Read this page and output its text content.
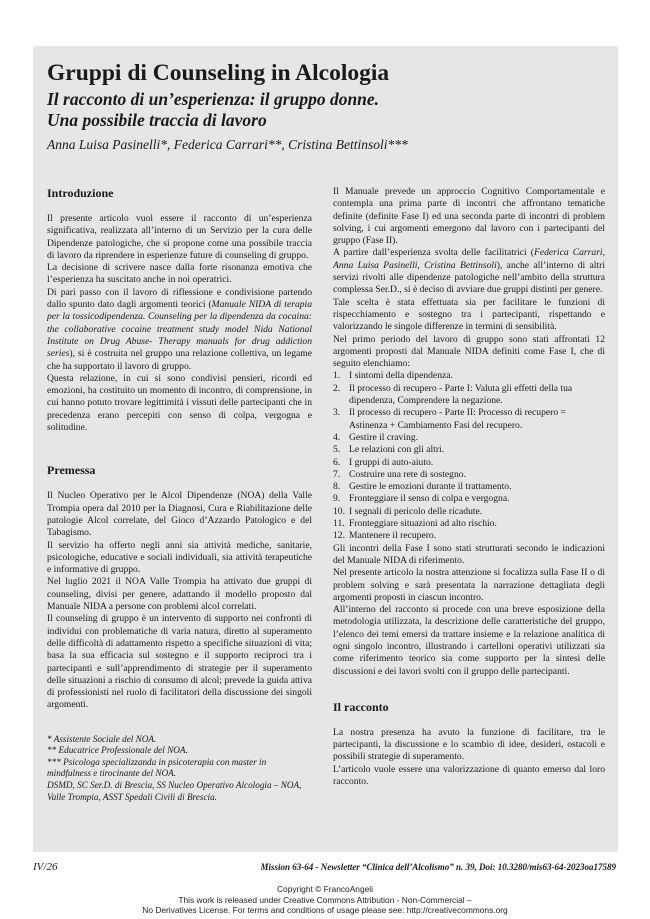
Gruppi di Counseling in Alcologia
Il racconto di un’esperienza: il gruppo donne.
Una possibile traccia di lavoro
Anna Luisa Pasinelli*, Federica Carrari**, Cristina Bettinsoli***
Introduzione

Il presente articolo vuol essere il racconto di un’esperienza significativa, realizzata all’interno di un Servizio per la cura delle Dipendenze patologiche, che si propone come una possibile traccia di lavoro da riprendere in esperienze future di counseling di gruppo.

La decisione di scrivere nasce dalla forte risonanza emotiva che l’esperienza ha suscitato anche in noi operatrici.

Di pari passo con il lavoro di riflessione e condivisione partendo dallo spunto dato dagli argomenti teorici (Manuale NIDA di terapia per la tossicodipendenza. Counseling per la dipendenza da cocaina: the collaborative cocaine treatment study model Nida National Institute on Drug Abuse- Therapy manuals for drug addiction series), si è costruita nel gruppo una relazione collettiva, un legame che ha supportato il lavoro di gruppo.

Questa relazione, in cui si sono condivisi pensieri, ricordi ed emozioni, ha costituito un momento di incontro, di comprensione, in cui hanno potuto trovare legittimità i vissuti delle partecipanti che in precedenza erano percepiti con senso di colpa, vergogna e solitudine.

Premessa

Il Nucleo Operativo per le Alcol Dipendenze (NOA) della Valle Trompia opera dal 2010 per la Diagnosi, Cura e Riabilitazione delle patologie Alcol correlate, del Gioco d’Azzardo Patologico e del Tabagismo.

Il servizio ha offerto negli anni sia attività mediche, sanitarie, psicologiche, educative e sociali individuali, sia attività terapeutiche e informative di gruppo.

Nel luglio 2021 il NOA Valle Trompia ha attivato due gruppi di counseling, divisi per genere, adattando il modello proposto dal Manuale NIDA a persone con problemi alcol correlati.

Il counseling di gruppo è un intervento di supporto nei confronti di individui con problematiche di varia natura, diretto al superamento delle difficoltà di adattamento rispetto a specifiche situazioni di vita; basa la sua efficacia sul sostegno e il supporto reciproci tra i partecipanti e sull’apprendimento di strategie per il superamento delle situazioni a rischio di consumo di alcol; prevede la guida attiva di professionisti nel ruolo di facilitatori della discussione dei singoli argomenti.

* Assistente Sociale del NOA.

** Educatrice Professionale del NOA.

*** Psicologa specializzanda in psicoterapia con master in mindfulness e tirocinante del NOA.

DSMD, SC Ser.D. di Brescia, SS Nucleo Operativo Alcologia – NOA, Valle Trompia, ASST Spedali Civili di Brescia.

Il Manuale prevede un approccio Cognitivo Comportamentale e contempla una prima parte di incontri che affrontano tematiche definite (definite Fase I) ed una seconda parte di incontri di problem solving, i cui argomenti emergono dal lavoro con i partecipanti del gruppo (Fase II).

A partire dall’esperienza svolta delle facilitatrici (Federica Carrari, Anna Luisa Pasinelli, Cristina Bettinsoli), anche all’interno di altri servizi rivolti alle dipendenze patologiche nell’ambito della struttura complessa Ser.D., si è deciso di avviare due gruppi distinti per genere.

Tale scelta è stata effettuata sia per facilitare le funzioni di rispecchiamento e sostegno tra i partecipanti, rispettando e valorizzando le singole differenze in termini di sensibilità.

Nel primo periodo del lavoro di gruppo sono stati affrontati 12 argomenti proposti dal Manuale NIDA definiti come Fase I, che di seguito elenchiamo:

1. I sintomi della dipendenza.
2. Il processo di recupero - Parte I: Valuta gli effetti della tua dipendenza, Comprendere la negazione.
3. Il processo di recupero - Parte II: Processo di recupero = Astinenza + Cambiamento Fasi del recupero.
4. Gestire il craving.
5. Le relazioni con gli altri.
6. I gruppi di auto-aiuto.
7. Costruire una rete di sostegno.
8. Gestire le emozioni durante il trattamento.
9. Fronteggiare il senso di colpa e vergogna.
10. I segnali di pericolo delle ricadute.
11. Fronteggiare situazioni ad alto rischio.
12. Mantenere il recupero.

Gli incontri della Fase I sono stati strutturati secondo le indicazioni del Manuale NIDA di riferimento.

Nel presente articolo la nostra attenzione si focalizza sulla Fase II o di problem solving e sarà presentata la narrazione dettagliata degli argomenti proposti in ciascun incontro.

All’interno del racconto si procede con una breve esposizione della metodologia utilizzata, la descrizione delle caratteristiche del gruppo, l’elenco dei temi emersi da trattare insieme e la relazione analitica di ogni singolo incontro, illustrando i cartelloni operativi utilizzati sia come riferimento teorico sia come supporto per la sintesi delle discussioni e dei lavori svolti con il gruppo delle partecipanti.

Il racconto

La nostra presenza ha avuto la funzione di facilitare, tra le partecipanti, la discussione e lo scambio di idee, desideri, ostacoli e possibili strategie di superamento.

L’articolo vuole essere una valorizzazione di quanto emerso dal loro racconto.

IV/26	Mission 63-64 - Newsletter “Clinica dell’Alcolismo” n. 39, Doi: 10.3280/mis63-64-2023oa17589
Copyright © FrancoAngeli
This work is released under Creative Commons Attribution - Non-Commercial –
No Derivatives License. For terms and conditions of usage please see: http://creativecommons.org
